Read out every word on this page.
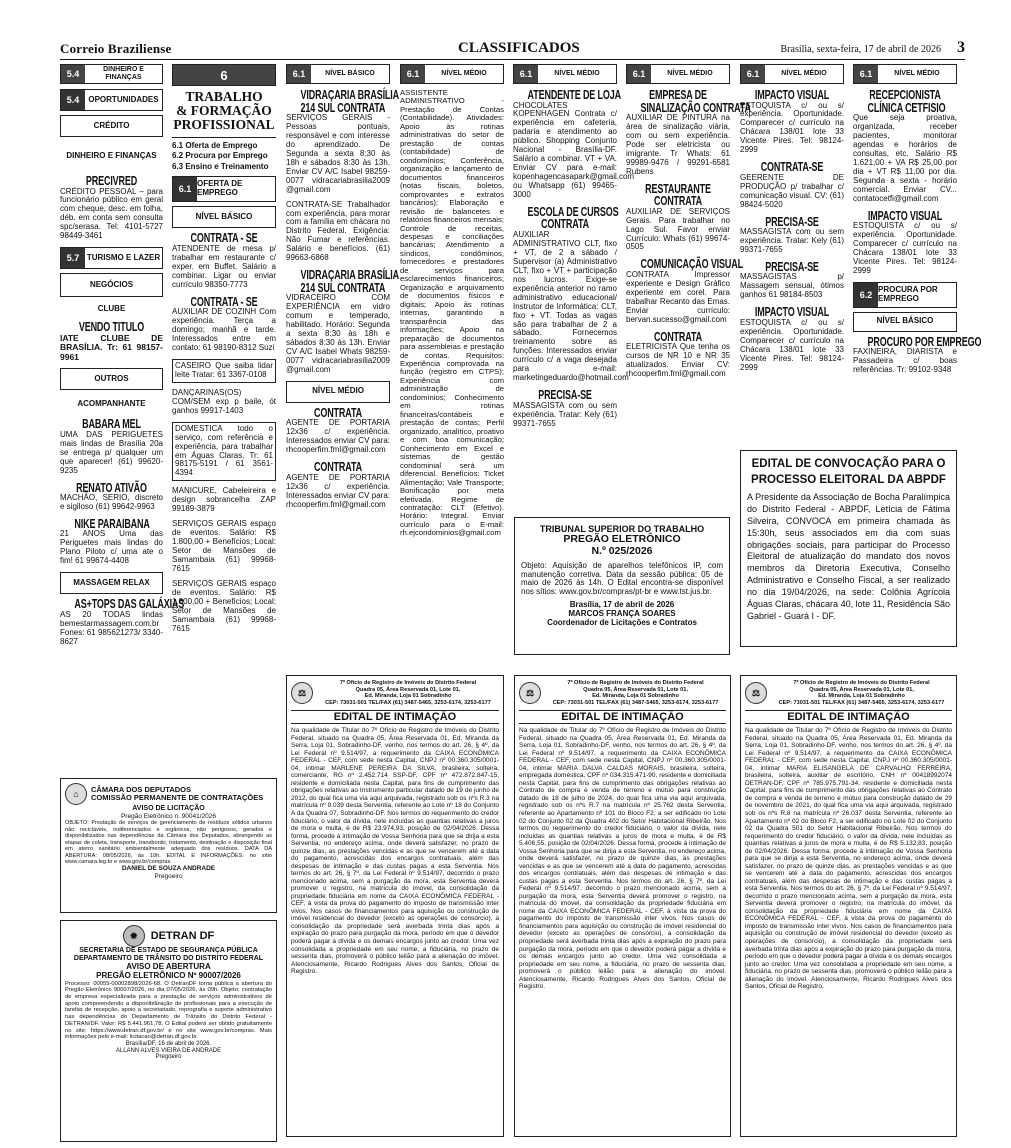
Correio Braziliense	CLASSIFICADOS	Brasília, sexta-feira, 17 de abril de 2026 3
5.4	DINHEIRO E FINANÇAS
5.4	OPORTUNIDADES
CRÉDITO
DINHEIRO E FINANÇAS
PRECIVRED
CRÉDITO PESSOAL – para funcionário público em geral com cheque, desc. em folha, déb. em conta sem consulta spc/serasa. Tel: 4101-5727 98449-3461
5.7 TURISMO E LAZER
NEGÓCIOS
CLUBE
VENDO TITULO
IATE CLUBE DE BRASÍLIA. Tr: 61 98157-9961
OUTROS
ACOMPANHANTE
BABARA MEL
UMA DAS PERIGUETES mais lindas de Brasília 20a se entrega p/ qualquer um que aparecer! (61) 99620-9235
RENATO ATIVÃO
MACHÃO, SERIO, discreto e sigiloso (61) 99642-9963
NIKE PARAIBANA
21 ANOS Uma das Periguetes mais lindas do Plano Piloto c/ uma ate o fim! 61 99674-4408
MASSAGEM RELAX
AS+TOPS DAS GALÁXIAS
AS 20 TODAS lindas bemestarmassagem.com.br Fones: 61 985621273/ 3340-8627
6
TRABALHO
& FORMAÇÃO
PROFISSIONAL
6.1 Oferta de Emprego
6.2 Procura por Emprego
6.3 Ensino e Treinamento
6.1
OFERTA DE EMPREGO
NÍVEL BÁSICO
CONTRATA - SE
ATENDENTE de mesa p/ trabalhar em restaurante c/ exper. em Buffet. Salário a combinar. Ligar ou enviar currículo 98350-7773
CONTRATA - SE
AUXILIAR DE COZINH Com experiência. Terça a domingo; manhã e tarde. Interessados entre em contato: 61 98190-8312 Suzi
CASEIRO Que saiba lidar leite Tratar: 61 3367-0108
DANÇARINAS(OS) COM/SEM exp p baile, ót ganhos 99917-1403
DOMESTICA todo o serviço, com referência e experiência, para trabalhar em Águas Claras. Tr: 61 98175-5191 / 61 3561-4394
MANICURE, Cabeleireira e design sobrancelha ZAP 99189-3879
SERVIÇOS GERAIS espaço de eventos. Salário: R$ 1.800,00 + Benefícios; Local: Setor de Mansões de Samambaia (61) 99968-7615
SERVIÇOS GERAIS espaço de eventos. Salário: R$ 1.800,00 + Benefícios; Local: Setor de Mansões de Samambaia (61) 99968-7615
6.1	NÍVEL BÁSICO
VIDRAÇARIA BRASÍLIA
214 SUL CONTRATA
SERVIÇOS GERAIS - Pessoas pontuais, responsável e com interesse do aprendizado. De Segunda a sexta 8:30 às 18h e sábados 8:30 às 13h. Enviar CV A/C Isabel 98259-0077 vidracariabrasilia2009 @gmail.com
CONTRATA-SE Trabalhador com experiência, para morar com a família em chácara no Distrito Federal. Exigência: Não Fumar e referências. Salário e benefícios. (61) 99663-6868
VIDRAÇARIA BRASÍLIA
214 SUL CONTRATA
VIDRACEIRO COM EXPERIÊNCIA em vidro comum e temperado, habilitado. Horário: Segunda a sexta 8:30 às 18h e sábados 8:30 às 13h. Enviar CV A/C Isabel Whats 98259-0077 vidracariabrasilia2009 @gmail.com
NÍVEL MÉDIO
CONTRATA
AGENTE DE PORTARIA 12x36 c/ experiência. Interessados enviar CV para: rhcooperfim.fml@gmail.com
CONTRATA
AGENTE DE PORTARIA 12x36 c/ experiência. Interessados enviar CV para: rhcooperfim.fml@gmail.com
6.1	NÍVEL MÉDIO
ASSISTENTE ADMINISTRATIVO - Prestação de Contas (Contabilidade). Atividades: Apoio às rotinas administrativas do setor de prestação de contas (contabilidade) de condomínios; Conferência, organização e lançamento de documentos financeiros (notas fiscais, boletos, comprovantes e extratos bancários); Elaboração e revisão de balancetes e relatórios financeiros mensais; Controle de receitas, despesas e conciliações bancárias; Atendimento a síndicos, condôminos, fornecedores e prestadores de serviços para esclarecimentos financeiros; Organização e arquivamento de documentos físicos e digitais; Apoio às rotinas internas, garantindo a transparência das informações; Apoio na preparação de documentos para assembleias e prestação de contas. Requisitos: Experiência comprovada na função (registro em CTPS); Experiência com administração de condomínios; Conhecimento em rotinas financeiras/contábeis e prestação de contas; Perfil organizado, analítico, proativo e com boa comunicação; Conhecimento em Excel e sistemas de gestão condominial será um diferencial. Benefícios: Ticket Alimentação; Vale Transporte; Bonificação por meta efetivada. Regime de contratação: CLT (Efetivo). Horário: Integral. Enviar currículo para o E-mail: rh.ejcondominios@gmail.com
6.1	NÍVEL MÉDIO
ATENDENTE DE LOJA
CHOCOLATES KOPENHAGEN Contrata c/ experiência em cafeteria, padaria e atendimento ao público. Shopping Conjunto Nacional - Brasília-DF. Salário a combinar. VT + VA. Enviar CV para e-mail: kopenhagencasapark@gmail.com ou Whatsapp (61) 99465-3000
ESCOLA DE CURSOS
CONTRATA
AUXILIAR ADMINISTRATIVO CLT, fixo + VT, de 2 a sábado / Supervisor (a) Administrativo CLT, fixo + VT + participação nos lucros. Exige-se experiência anterior no ramo administrativo educacional/ Instrutor de Informática: CLT, fixo + VT. Todas as vagas são para trabalhar de 2 a sábado. Fornecemos treinamento sobre as funções. Interessados enviar currículo c/ a vaga desejada para e-mail: marketingeduardo@hotmail.com
PRECISA-SE
MASSAGISTA com ou sem experiência. Tratar: Kely (61) 99371-7655
6.1	NÍVEL MÉDIO
EMPRESA DE
SINALIZAÇÃO CONTRATA
AUXILIAR DE PINTURA na área de sinalização viária, com ou sem experiência. Pode ser eletricista ou imigrante. Tr Whats: 61 99989-9476 / 99291-6581 Rubens
RESTAURANTE
CONTRATA
AUXILIAR DE SERVIÇOS Gerais. Para trabalhar no Lago Sul. Favor enviar Currículo: Whats (61) 99674-0505
COMUNICAÇÃO VISUAL
CONTRATA Impressor experiente e Design Gráfico experiente em corel. Para trabalhar Recanto das Emas. Enviar currículo: bervan.sucesso@gmail.com
CONTRATA
ELETRICISTA Que tenha os cursos de NR 10 e NR 35 atualizados. Enviar CV: rhcooperfim.fml@gmail.com
6.1	NÍVEL MÉDIO
IMPACTO VISUAL
ESTOQUISTA c/ ou s/ experiência. Oportunidade. Comparecer c/ currículo na Chácara 138/01 lote 33 Vicente Pires. Tel: 98124-2999
CONTRATA-SE
GEERENTE DE PRODUÇÃO p/ trabalhar c/ comunicação visual. CV: (61) 98424-5020
PRECISA-SE
MASSAGISTA com ou sem experiência. Tratar: Kely (61) 99371-7655
PRECISA-SE
MASSAGISTAS p/ Massagem sensual, ótimos ganhos 61 98184-8503
IMPACTO VISUAL
ESTOQUISTA c/ ou s/ experiência. Oportunidade. Comparecer c/ currículo na Chácara 138/01 lote 33 Vicente Pires. Tel: 98124-2999
6.1	NÍVEL MÉDIO
RECEPCIONISTA
CLÍNICA CETFISIO
Que seja proativa, organizada, receber pacientes, monitorar agendas e horários de consultas, etc. Salário R$ 1.621,00 + VA R$ 25,00 por dia + VT R$ 11,00 por dia. Segunda a sexta - horário comercial. Enviar CV... contatocetfi@gmail.com
IMPACTO VISUAL
ESTOQUISTA c/ ou s/ experiência. Oportunidade. Comparecer c/ currículo na Chácara 138/01 lote 33 Vicente Pires. Tel: 98124-2999
6.2
PROCURA POR EMPREGO
NÍVEL BÁSICO
PROCURO POR EMPREGO
FAXINEIRA, DIARISTA e Passadeira c/ boas referências. Tr: 99102-9348
TRIBUNAL SUPERIOR DO TRABALHO
PREGÃO ELETRÔNICO
N.º 025/2026
Objeto: Aquisição de aparelhos telefônicos IP, com manutenção corretiva. Data da sessão pública: 05 de maio de 2026 às 14h. O Edital encontra-se disponível nos sítios: www.gov.br/compras/pt-br e www.tst.jus.br.
Brasília, 17 de abril de 2026
MARCOS FRANÇA SOARES
Coordenador de Licitações e Contratos
EDITAL DE CONVOCAÇÃO PARA O PROCESSO ELEITORAL DA ABPDF
A Presidente da Associação de Bocha Paralímpica do Distrito Federal - ABPDF, Letícia de Fátima Silveira, CONVOCA em primeira chamada às 15:30h, seus associados em dia com suas obrigações sociais, para participar do Processo Eleitoral de atualização do mandato dos novos membros da Diretoria Executiva, Conselho Administrativo e Conselho Fiscal, a ser realizado no dia 19/04/2026, na sede: Colônia Agrícola Águas Claras, chácara 40, lote 11, Residência São Gabriel - Guará I - DF.
⌂	CÂMARA DOS DEPUTADOS
COMISSÃO PERMANENTE DE CONTRATAÇÕES
AVISO DE LICITAÇÃO
Pregão Eletrônico n. 90041/2026
OBJETO: Prestação de serviços de gerenciamento de resíduos sólidos urbanos não recicláveis, indiferenciados e orgânicos, não perigosos, gerados e disponibilizados nas dependências da Câmara dos Deputados, abrangendo as etapas de coleta, transporte, transbordo, tratamento, destinação e disposição final em aterro sanitário ambientalmente adequado dos resíduos. DATA DA ABERTURA: 08/05/2026, às 10h. EDITAL E INFORMAÇÕES: no sítio www.camara.leg.br e www.gov.br/compras.
DANIEL DE SOUZA ANDRADE
Pregoeiro
✹	DETRAN DF
SECRETARIA DE ESTADO DE SEGURANÇA PÚBLICA
DEPARTAMENTO DE TRÂNSITO DO DISTRITO FEDERAL
AVISO DE ABERTURA
PREGÃO ELETRÔNICO Nº 90007/2026
Processo: 00055-00002898/2026-68. O DetranDF torna pública a abertura do Pregão Eletrônico 90007/2026, no dia 07/05/2026, às 09h. Objeto: contratação de empresa especializada para a prestação de serviços administrativos de apoio compreendendo a disponibilização de profissionais para a execução de tarefas de recepção, apoio a secretariado, reprografia e suporte administrativo nas dependências do Departamento de Trânsito do Distrito Federal - DETRAN/DF. Valor: R$ 5.441.961,78. O Edital poderá ser obtido gratuitamente no site: https://www.detran.df.gov.br/ e no site www.gov.br/compras. Mais informações pelo e-mail: licitacao@detran.df.gov.br.
Brasília/DF, 16 de abril de 2026.
ALLANN ALVES VIEIRA DE ANDRADE
Pregoeiro
⚖
7º Ofício de Registro de Imóveis do Distrito Federal
Quadra 05, Área Reservada 01, Lote 01,
Ed. Miranda, Loja 01 Sobradinho
CEP: 73031-501 TEL/FAX (61) 3487-5465, 3253-6174, 3253-6177
EDITAL DE INTIMAÇÃO
Na qualidade de Titular do 7º Ofício de Registro de Imóveis do Distrito Federal, situado na Quadra 05, Área Reservada 01, Ed. Miranda da Serra, Loja 01, Sobradinho-DF, venho, nos termos do art. 26, § 4º, da Lei Federal nº 9.514/97, a requerimento da CAIXA ECONÔMICA FEDERAL - CEF, com sede nesta Capital, CNPJ nº 00.360.305/0001-04, intimar MARLENE PEREIRA DA SILVA, brasileira, solteira, comerciante, RG nº 2.452.714 SSP-DF, CPF nº 472.872.847-15, residente e domiciliada nesta Capital, para fins de cumprimento das obrigações relativas ao Instrumento particular datado de 19 de junho de 2012, do qual fica uma via aqui arquivada, registrado sob os nºs R.3 na matrícula nº 9.039 desta Serventia, referente ao Lote nº 18 do Conjunto A da Quadra 07, Sobradinho-DF. Nos termos do requerimento do credor fiduciário, o valor da dívida, nele incluídas as quantias relativas a juros de mora e multa, é de R$ 23.974,93, posição de 02/04/2026. Dessa forma, procede à intimação de Vossa Senhoria para que se dirija a esta Serventia, no endereço acima, onde deverá satisfazer, no prazo de quinze dias, as prestações vencidas e as que se vencerem até a data do pagamento, acrescidas dos encargos contratuais, além das despesas de intimação e das custas pagas a esta Serventia. Nos termos do art. 26, § 7º, da Lei Federal nº 9.514/97, decorrido o prazo mencionado acima, sem a purgação da mora, esta Serventia deverá promover o registro, na matrícula do imóvel, da consolidação da propriedade fiduciária em nome da CAIXA ECONÔMICA FEDERAL - CEF, à vista da prova do pagamento do imposto de transmissão inter vivos. Nos casos de financiamentos para aquisição ou construção de imóvel residencial do devedor (exceto as operações de consórcio), a consolidação da propriedade será averbada trinta dias após a expiração do prazo para purgação da mora, período em que o devedor poderá pagar a dívida e os demais encargos junto ao credor. Uma vez consolidada a propriedade em seu nome, a fiduciária, no prazo de sessenta dias, promoverá o público leilão para a alienação do imóvel. Atenciosamente, Ricardo Rodrigues Alves dos Santos, Oficial de Registro.
⚖
7º Ofício de Registro de Imóveis do Distrito Federal
Quadra 05, Área Reservada 01, Lote 01,
Ed. Miranda, Loja 01 Sobradinho
CEP: 73031-501 TEL/FAX (61) 3487-5465, 3253-6174, 3253-6177
EDITAL DE INTIMAÇÃO
Na qualidade de Titular do 7º Ofício de Registro de Imóveis do Distrito Federal, situado na Quadra 05, Área Reservada 01, Ed. Miranda da Serra, Loja 01, Sobradinho-DF, venho, nos termos do art. 26, § 4º, da Lei Federal nº 9.514/97, a requerimento da CAIXA ECONÔMICA FEDERAL - CEF, com sede nesta Capital, CNPJ nº 00.360.305/0001-04, intimar MARIA DALVA CALDAS MORAIS, brasileira, solteira, empregada doméstica, CPF nº 034.315.471-90, residente e domiciliada nesta Capital, para fins de cumprimento das obrigações relativas ao Contrato de compra e venda de terreno e mútuo para construção datado de 18 de julho de 2024, do qual fica uma via aqui arquivada, registrado sob os nºs R.7 na matrícula nº 25.762 desta Serventia, referente ao Apartamento nº 101 do Bloco F2, a ser edificado no Lote 02 do Conjunto 02 da Quadra 402 do Setor Habitacional Ribeirão. Nos termos do requerimento do credor fiduciário, o valor da dívida, nele incluídas as quantias relativas a juros de mora e multa, é de R$ 5.406,55, posição de 02/04/2026. Dessa forma, procede à intimação de Vossa Senhoria para que se dirija a esta Serventia, no endereço acima, onde deverá satisfazer, no prazo de quinze dias, as prestações vencidas e as que se vencerem até a data do pagamento, acrescidas dos encargos contratuais, além das despesas de intimação e das custas pagas a esta Serventia. Nos termos do art. 26, § 7º, da Lei Federal nº 9.514/97, decorrido o prazo mencionado acima, sem a purgação da mora, esta Serventia deverá promover o registro, na matrícula do imóvel, da consolidação da propriedade fiduciária em nome da CAIXA ECONÔMICA FEDERAL - CEF, à vista da prova do pagamento do imposto de transmissão inter vivos. Nos casos de financiamentos para aquisição ou construção de imóvel residencial do devedor (exceto as operações de consórcio), a consolidação da propriedade será averbada trinta dias após a expiração do prazo para purgação da mora, período em que o devedor poderá pagar a dívida e os demais encargos junto ao credor. Uma vez consolidada a propriedade em seu nome, a fiduciária, no prazo de sessenta dias, promoverá o público leilão para a alienação do imóvel. Atenciosamente, Ricardo Rodrigues Alves dos Santos, Oficial de Registro.
⚖
7º Ofício de Registro de Imóveis do Distrito Federal
Quadra 05, Área Reservada 01, Lote 01,
Ed. Miranda, Loja 01 Sobradinho
CEP: 73031-501 TEL/FAX (61) 3487-5465, 3253-6174, 3253-6177
EDITAL DE INTIMAÇÃO
Na qualidade de Titular do 7º Ofício de Registro de Imóveis do Distrito Federal, situado na Quadra 05, Área Reservada 01, Ed. Miranda da Serra, Loja 01, Sobradinho-DF, venho, nos termos do art. 26, § 4º, da Lei Federal nº 9.514/97, a requerimento da CAIXA ECONÔMICA FEDERAL - CEF, com sede nesta Capital, CNPJ nº 00.360.305/0001-04, intimar MARIA ELISANGELA DE CARVALHO FERREIRA, brasileira, solteira, auxiliar de escritório, CNH nº 00418992074 DETRAN-DF, CPF nº 785.975.791-34, residente e domiciliada nesta Capital, para fins de cumprimento das obrigações relativas ao Contrato de compra e venda de terreno e mútuo para construção datado de 29 de novembro de 2021, do qual fica uma via aqui arquivada, registrado sob os nºs R.8 na matrícula nº 26.037 desta Serventia, referente ao Apartamento nº 02 do Bloco F2, a ser edificado no Lote 02 do Conjunto 02 da Quadra 501 do Setor Habitacional Ribeirão. Nos termos do requerimento do credor fiduciário, o valor da dívida, nele incluídas as quantias relativas a juros de mora e multa, é de R$ 5.132,83, posição de 02/04/2026. Dessa forma, procede à intimação de Vossa Senhoria para que se dirija a esta Serventia, no endereço acima, onde deverá satisfazer, no prazo de quinze dias, as prestações vencidas e as que se vencerem até a data do pagamento, acrescidas dos encargos contratuais, além das despesas de intimação e das custas pagas a esta Serventia. Nos termos do art. 26, § 7º, da Lei Federal nº 9.514/97, decorrido o prazo mencionado acima, sem a purgação da mora, esta Serventia deverá promover o registro, na matrícula do imóvel, da consolidação da propriedade fiduciária em nome da CAIXA ECONÔMICA FEDERAL - CEF, à vista da prova do pagamento do imposto de transmissão inter vivos. Nos casos de financiamentos para aquisição ou construção de imóvel residencial do devedor (exceto as operações de consórcio), a consolidação da propriedade será averbada trinta dias após a expiração do prazo para purgação da mora, período em que o devedor poderá pagar a dívida e os demais encargos junto ao credor. Uma vez consolidada a propriedade em seu nome, a fiduciária, no prazo de sessenta dias, promoverá o público leilão para a alienação do imóvel. Atenciosamente, Ricardo Rodrigues Alves dos Santos, Oficial de Registro.
